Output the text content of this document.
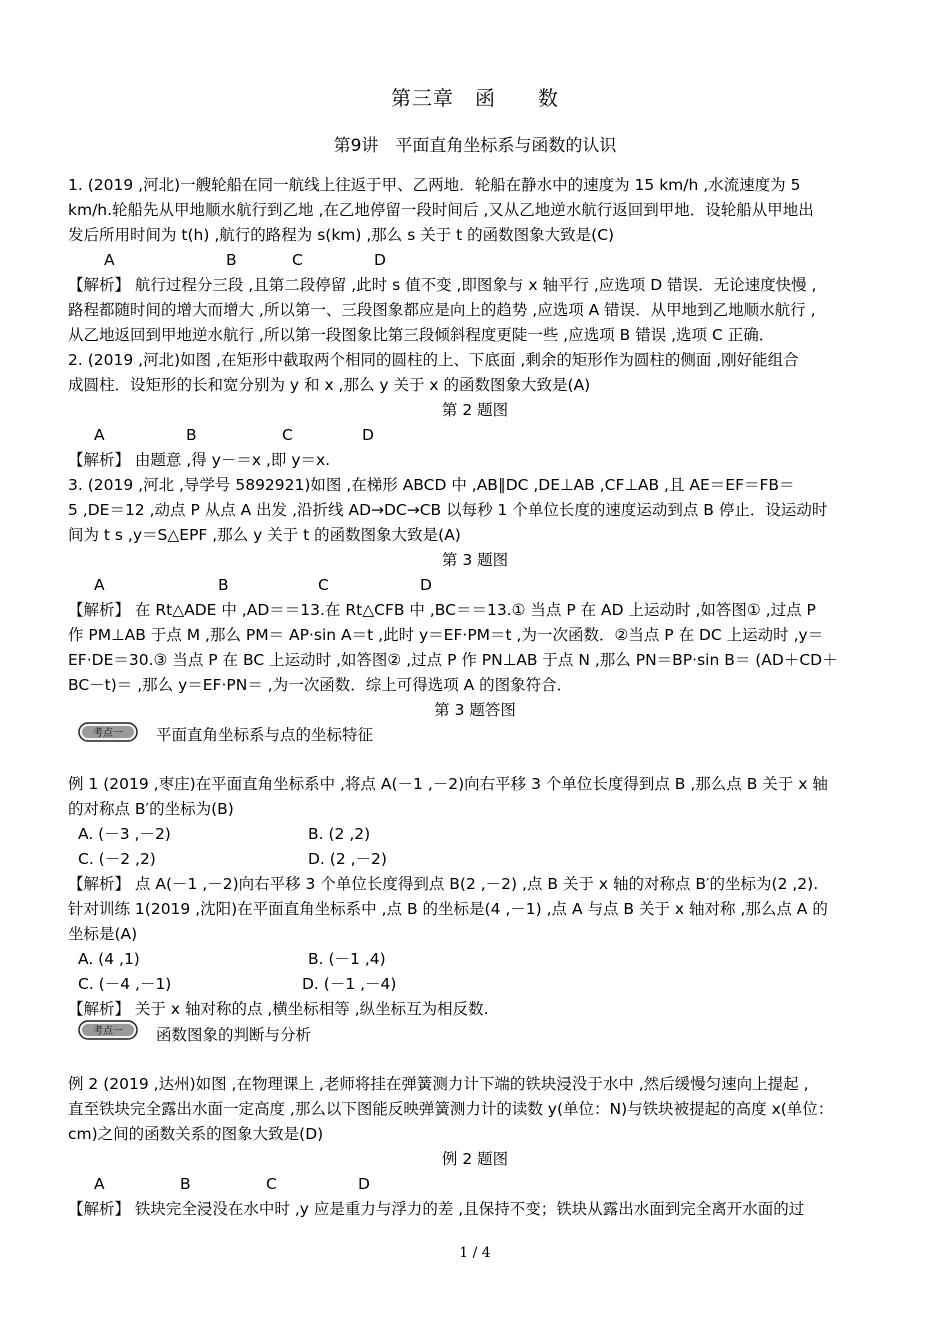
第三章　函　　数
第9讲　平面直角坐标系与函数的认识
1. (2019 ,河北)一艘轮船在同一航线上往返于甲、乙两地．轮船在静水中的速度为 15 km/h ,水流速度为 5
km/h.轮船先从甲地顺水航行到乙地 ,在乙地停留一段时间后 ,又从乙地逆水航行返回到甲地．设轮船从甲地出
发后所用时间为 t(h) ,航行的路程为 s(km) ,那么 s 关于 t 的函数图象大致是(C)
A	B	C	D
【解析】 航行过程分三段 ,且第二段停留 ,此时 s 值不变 ,即图象与 x 轴平行 ,应选项 D 错误．无论速度快慢 ,
路程都随时间的增大而增大 ,所以第一、三段图象都应是向上的趋势 ,应选项 A 错误．从甲地到乙地顺水航行 ,
从乙地返回到甲地逆水航行 ,所以第一段图象比第三段倾斜程度更陡一些 ,应选项 B 错误 ,选项 C 正确．
2. (2019 ,河北)如图 ,在矩形中截取两个相同的圆柱的上、下底面 ,剩余的矩形作为圆柱的侧面 ,刚好能组合
成圆柱．设矩形的长和宽分别为 y 和 x ,那么 y 关于 x 的函数图象大致是(A)
第 2 题图
A	B	C	D
【解析】 由题意 ,得 y－＝x ,即 y＝x.
3. (2019 ,河北 ,导学号 5892921)如图 ,在梯形 ABCD 中 ,AB∥DC ,DE⊥AB ,CF⊥AB ,且 AE＝EF＝FB＝
5 ,DE＝12 ,动点 P 从点 A 出发 ,沿折线 AD→DC→CB 以每秒 1 个单位长度的速度运动到点 B 停止．设运动时
间为 t s ,y＝S△EPF ,那么 y 关于 t 的函数图象大致是(A)
第 3 题图
A	B	C	D
【解析】 在 Rt△ADE 中 ,AD＝＝13.在 Rt△CFB 中 ,BC＝＝13.① 当点 P 在 AD 上运动时 ,如答图① ,过点 P
作 PM⊥AB 于点 M ,那么 PM＝ AP·sin A＝t ,此时 y＝EF·PM＝t ,为一次函数．②当点 P 在 DC 上运动时 ,y＝
EF·DE＝30.③ 当点 P 在 BC 上运动时 ,如答图② ,过点 P 作 PN⊥AB 于点 N ,那么 PN＝BP·sin B＝ (AD＋CD＋
BC－t)＝ ,那么 y＝EF·PN＝ ,为一次函数．综上可得选项 A 的图象符合．
第 3 题答图
考点一 平面直角坐标系与点的坐标特征
例 1 (2019 ,枣庄)在平面直角坐标系中 ,将点 A(－1 ,－2)向右平移 3 个单位长度得到点 B ,那么点 B 关于 x 轴
的对称点 B′的坐标为(B)
A. (－3 ,－2)	B. (2 ,2)
C. (－2 ,2)	D. (2 ,－2)
【解析】 点 A(－1 ,－2)向右平移 3 个单位长度得到点 B(2 ,－2) ,点 B 关于 x 轴的对称点 B′的坐标为(2 ,2).
针对训练 1(2019 ,沈阳)在平面直角坐标系中 ,点 B 的坐标是(4 ,－1) ,点 A 与点 B 关于 x 轴对称 ,那么点 A 的
坐标是(A)
A. (4 ,1)	B. (－1 ,4)
C. (－4 ,－1)	D. (－1 ,－4)
【解析】 关于 x 轴对称的点 ,横坐标相等 ,纵坐标互为相反数.
考点一 函数图象的判断与分析
例 2 (2019 ,达州)如图 ,在物理课上 ,老师将挂在弹簧测力计下端的铁块浸没于水中 ,然后缓慢匀速向上提起 ,
直至铁块完全露出水面一定高度 ,那么以下图能反映弹簧测力计的读数 y(单位：N)与铁块被提起的高度 x(单位：
cm)之间的函数关系的图象大致是(D)
例 2 题图
A	B	C	D
【解析】 铁块完全浸没在水中时 ,y 应是重力与浮力的差 ,且保持不变；铁块从露出水面到完全离开水面的过
1 / 4
